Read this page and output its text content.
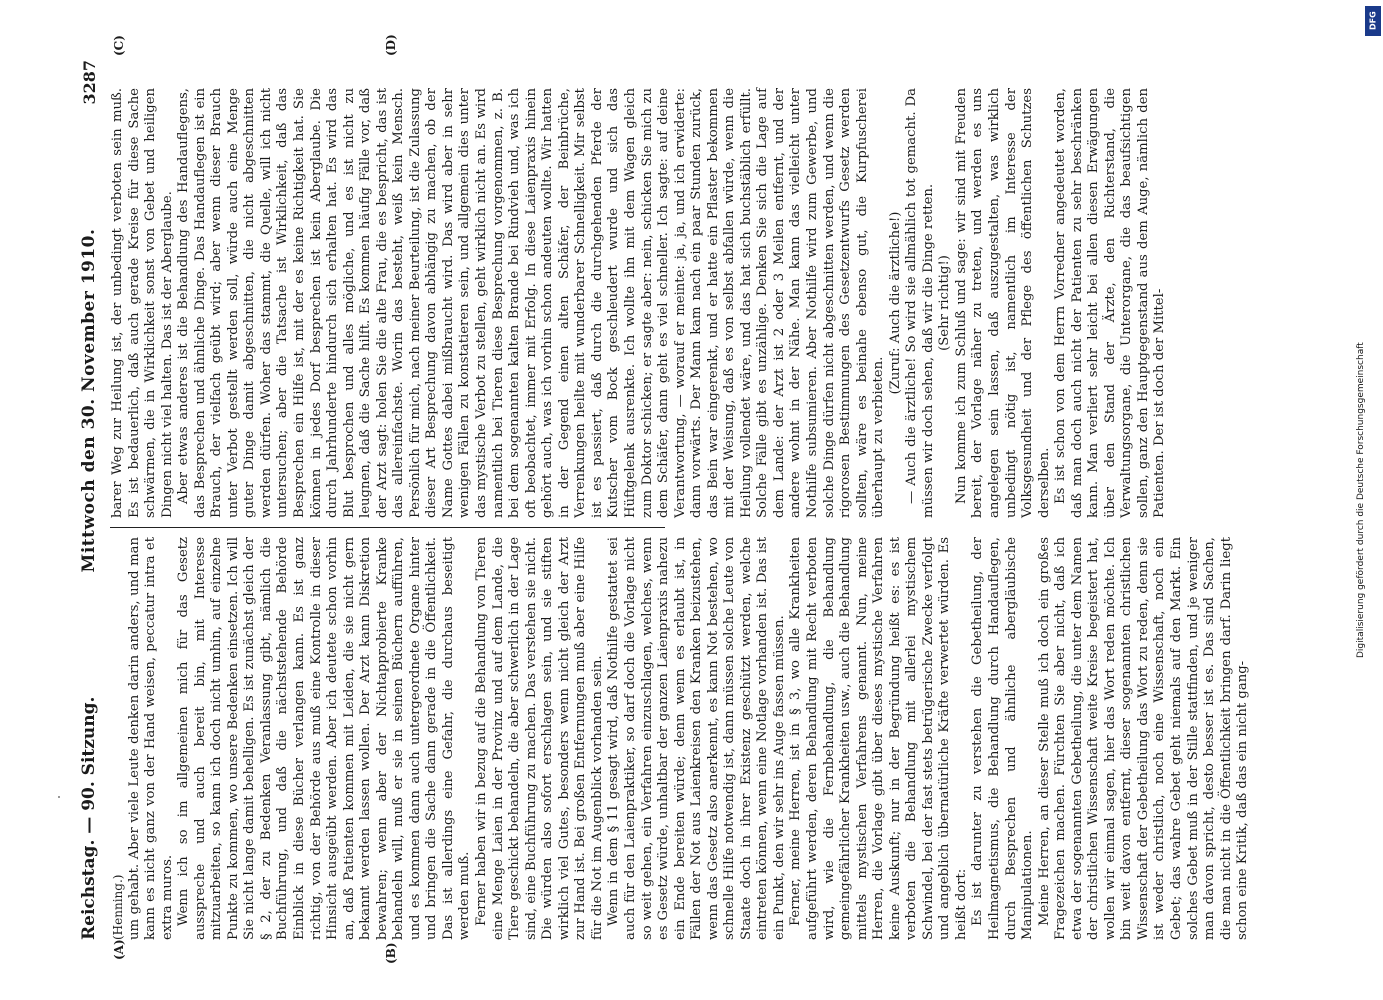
Reichstag. — 90. Sitzung.
Mittwoch den 30. November 1910.
3287
(A)	(B)
(C)	(D)

(Henning.) um gehabt. Aber viele Leute denken darin anders, und man kann es nicht ganz von der Hand weisen, peccatur intra et extra muros. Wenn ich so im allgemeinen mich für das Gesetz ausspreche und auch bereit bin, mit Interesse mitzuarbeiten, so kann ich doch nicht umhin, auf einzelne Punkte zu kommen, wo unsere Bedenken einsetzen. Ich will Sie nicht lange damit behelligen. Es ist zunächst gleich der § 2, der zu Bedenken Veranlassung gibt, nämlich die Buchführung, und daß die nächststehende Behörde Einblick in diese Bücher verlangen kann. Es ist ganz richtig, von der Behörde aus muß eine Kontrolle in dieser Hinsicht ausgeübt werden. Aber ich deutete schon vorhin an, daß Patienten kommen mit Leiden, die sie nicht gern bekannt werden lassen wollen. Der Arzt kann Diskretion bewahren; wenn aber der Nichtapprobierte Kranke behandeln will, muß er sie in seinen Büchern aufführen, und es kommen dann auch untergeordnete Organe hinter und bringen die Sache dann gerade in die Öffentlichkeit. Das ist allerdings eine Gefahr, die durchaus beseitigt werden muß. Ferner haben wir in bezug auf die Behandlung von Tieren eine Menge Laien in der Provinz und auf dem Lande, die Tiere geschickt behandeln, die aber schwerlich in der Lage sind, eine Buchführung zu machen. Das verstehen sie nicht. Die würden also sofort erschlagen sein, und sie stiften wirklich viel Gutes, besonders wenn nicht gleich der Arzt zur Hand ist. Bei großen Entfernungen muß aber eine Hilfe für die Not im Augenblick vorhanden sein. Wenn in dem § 11 gesagt wird, daß Nothilfe gestattet sei auch für den Laienpraktiker, so darf doch die Vorlage nicht so weit gehen, ein Verfahren einzuschlagen, welches, wenn es Gesetz würde, unhaltbar der ganzen Laienpraxis nahezu ein Ende bereiten würde; denn wenn es erlaubt ist, in Fällen der Not aus Laienkreisen den Kranken beizustehen, wenn das Gesetz also anerkennt, es kann Not bestehen, wo schnelle Hilfe notwendig ist, dann müssen solche Leute von Staate doch in ihrer Existenz geschützt werden, welche eintreten können, wenn eine Notlage vorhanden ist. Das ist ein Punkt, den wir sehr ins Auge fassen müssen. Ferner, meine Herren, ist in § 3, wo alle Krankheiten aufgeführt werden, deren Behandlung mit Recht verboten wird, wie die Fernbehandlung, die Behandlung gemeingefährlicher Krankheiten usw., auch die Behandlung mittels mystischen Verfahrens genannt. Nun, meine Herren, die Vorlage gibt über dieses mystische Verfahren keine Auskunft; nur in der Begründung heißt es: es ist verboten die Behandlung mit allerlei mystischem Schwindel, bei der fast stets betrügerische Zwecke verfolgt und angeblich übernatürliche Kräfte verwertet würden. Es heißt dort: Es ist darunter zu verstehen die Gebetheilung, der Heilmagnetismus, die Behandlung durch Handauflegen, durch Besprechen und ähnliche abergläubische Manipulationen. Meine Herren, an dieser Stelle muß ich doch ein großes Fragezeichen machen. Fürchten Sie aber nicht, daß ich etwa der sogenannten Gebetheilung, die unter dem Namen der christlichen Wissenschaft weite Kreise begeistert hat, wollen wir einmal sagen, hier das Wort reden möchte. Ich bin weit davon entfernt, dieser sogenannten christlichen Wissenschaft der Gebetheilung das Wort zu reden, denn sie ist weder christlich, noch eine Wissenschaft, noch ein Gebet; das wahre Gebet geht niemals auf den Markt. Ein solches Gebet muß in der Stille stattfinden, und je weniger man davon spricht, desto besser ist es. Das sind Sachen, die man nicht in die Öffentlichkeit bringen darf. Darin liegt schon eine Kritik, daß das ein nicht gang-

barer Weg zur Heilung ist, der unbedingt verboten sein muß. Es ist bedauerlich, daß auch gerade Kreise für diese Sache schwärmen, die in Wirklichkeit sonst von Gebet und heiligen Dingen nicht viel halten. Das ist der Aberglaube. Aber etwas anderes ist die Behandlung des Handauflegens, das Besprechen und ähnliche Dinge. Das Handauflegen ist ein Brauch, der vielfach geübt wird; aber wenn dieser Brauch unter Verbot gestellt werden soll, würde auch eine Menge guter Dinge damit abgeschnitten, die nicht abgeschnitten werden dürfen. Woher das stammt, die Quelle, will ich nicht untersuchen; aber die Tatsache ist Wirklichkeit, daß das Besprechen ein Hilfe ist, mit der es keine Richtigkeit hat. Sie können in jedes Dorf besprechen ist kein Aberglaube. Die durch Jahrhunderte hindurch sich erhalten hat. Es wird das Blut besprochen und alles mögliche, und es ist nicht zu leugnen, daß die Sache hilft. Es kommen häufig Fälle vor, daß der Arzt sagt: holen Sie die alte Frau, die es bespricht, das ist das allereinfachste. Worin das besteht, weiß kein Mensch. Persönlich für mich, nach meiner Beurteilung, ist die Zulassung dieser Art Besprechung davon abhängig zu machen, ob der Name Gottes dabei mißbraucht wird. Das wird aber in sehr wenigen Fällen zu konstatieren sein, und allgemein dies unter das mystische Verbot zu stellen, geht wirklich nicht an. Es wird namentlich bei Tieren diese Besprechung vorgenommen, z. B. bei dem sogenannten kalten Brande bei Rindvieh und, was ich oft beobachtet, immer mit Erfolg. In diese Laienpraxis hinein gehört auch, was ich vorhin schon andeuten wollte. Wir hatten in der Gegend einen alten Schäfer, der Beinbrüche, Verrenkungen heilte mit wunderbarer Schnelligkeit. Mir selbst ist es passiert, daß durch die durchgehenden Pferde der Kutscher vom Bock geschleudert wurde und sich das Hüftgelenk ausrenkte. Ich wollte ihn mit dem Wagen gleich zum Doktor schicken; er sagte aber: nein, schicken Sie mich zu dem Schäfer, dann geht es viel schneller. Ich sagte: auf deine Verantwortung, — worauf er meinte: ja, ja, und ich erwiderte: dann vorwärts. Der Mann kam nach ein paar Stunden zurück, das Bein war eingerenkt, und er hatte ein Pflaster bekommen mit der Weisung, daß es von selbst abfallen würde, wenn die Heilung vollendet wäre, und das hat sich buchstäblich erfüllt. Solche Fälle gibt es unzählige. Denken Sie sich die Lage auf dem Lande: der Arzt ist 2 oder 3 Meilen entfernt, und der andere wohnt in der Nähe. Man kann das vielleicht unter Nothilfe subsumieren. Aber Nothilfe wird zum Gewerbe, und solche Dinge dürfen nicht abgeschnitten werden, und wenn die rigorosen Bestimmungen des Gesetzentwurfs Gesetz werden sollten, wäre es beinahe ebenso gut, die Kurpfuscherei überhaupt zu verbieten.

(Zuruf: Auch die ärztliche!) — Auch die ärztliche! So wird sie allmählich tot gemacht. Da müssen wir doch sehen, daß wir die Dinge retten. (Sehr richtig!) Nun komme ich zum Schluß und sage: wir sind mit Freuden bereit, der Vorlage näher zu treten, und werden es uns angelegen sein lassen, daß auszugestalten, was wirklich unbedingt nötig ist, namentlich im Interesse der Volksgesundheit und der Pflege des öffentlichen Schutzes derselben. Es ist schon von dem Herrn Vorredner angedeutet worden, daß man doch auch nicht der Patienten zu sehr beschränken kann. Man verliert sehr leicht bei allen diesen Erwägungen über den Stand der Ärzte, den Richterstand, die Verwaltungsorgane, die Unterorgane, die das beaufsichtigen sollen, ganz den Hauptgegenstand aus dem Auge, nämlich den Patienten. Der ist doch der Mittel-	Digitalisierung gefördert durch die Deutsche Forschungsgemeinschaft
DFG
